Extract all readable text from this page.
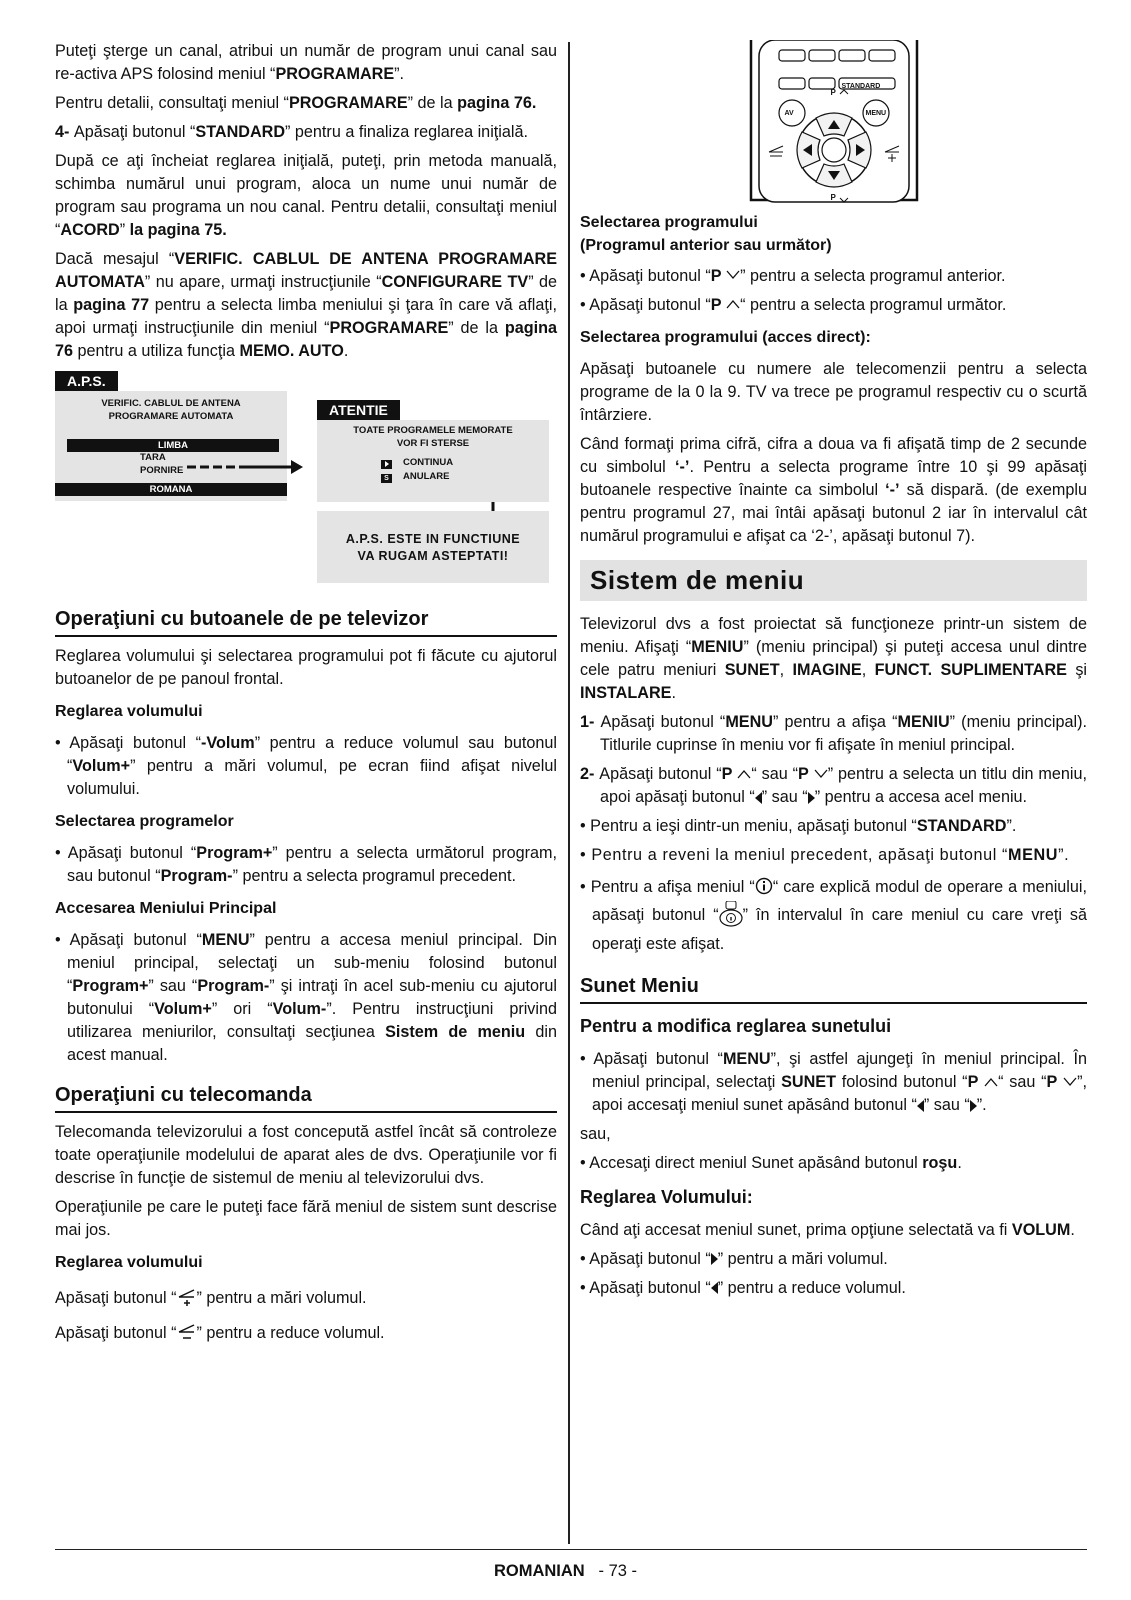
Puteţi şterge un canal, atribui un număr de program unui canal sau re-activa APS folosind meniul “PROGRAMARE”.

Pentru detalii, consultaţi meniul “PROGRAMARE” de la pagina 76.

4- Apăsaţi butonul “STANDARD” pentru a finaliza reglarea iniţială.

După ce aţi încheiat reglarea iniţială, puteţi, prin metoda manuală, schimba numărul unui program, aloca un nume unui număr de program sau programa un nou canal. Pentru detalii, consultaţi meniul “ACORD” la pagina 75.

Dacă mesajul “VERIFIC. CABLUL DE ANTENA PROGRAMARE AUTOMATA” nu apare, urmaţi instrucţiunile “CONFIGURARE TV” de la pagina 77 pentru a selecta limba meniului şi ţara în care vă aflaţi, apoi urmaţi instrucţiunile din meniul “PROGRAMARE” de la pagina 76 pentru a utiliza funcţia MEMO. AUTO.

A.P.S.
VERIFIC. CABLUL DE ANTENA
PROGRAMARE AUTOMATA
LIMBA
TARA
PORNIRE
ROMANA
ATENTIE
TOATE PROGRAMELE MEMORATE
VOR FI STERSE
CONTINUA
S	ANULARE
A.P.S. ESTE IN FUNCTIUNE
VA RUGAM ASTEPTATI!
Operaţiuni cu butoanele de pe televizor

Reglarea volumului şi selectarea programului pot fi făcute cu ajutorul butoanelor de pe panoul frontal.

Reglarea volumului

• Apăsaţi butonul “-Volum” pentru a reduce volumul sau butonul “Volum+” pentru a mări volumul, pe ecran fiind afişat nivelul volumului.

Selectarea programelor

• Apăsaţi butonul “Program+” pentru a selecta următorul program, sau butonul “Program-” pentru a selecta programul precedent.

Accesarea Meniului Principal

• Apăsaţi butonul “MENU” pentru a accesa meniul principal. Din meniul principal, selectaţi un sub-meniu folosind butonul “Program+” sau “Program-” şi intraţi în acel sub-meniu cu ajutorul butonului “Volum+” ori “Volum-”. Pentru instrucţiuni privind utilizarea meniurilor, consultaţi secţiunea Sistem de meniu din acest manual.

Operaţiuni cu telecomanda

Telecomanda televizorului a fost concepută astfel încât să controleze toate operaţiunile modelului de aparat ales de dvs. Operaţiunile vor fi descrise în funcţie de sistemul de meniu al televizorului dvs.

Operaţiunile pe care le puteţi face fără meniul de sistem sunt descrise mai jos.

Reglarea volumului

Apăsaţi butonul “ ” pentru a mări volumul.

Apăsaţi butonul “ ” pentru a reduce volumul.

STANDARD
AV	MENU
P
P
Selectarea programului
(Programul anterior sau următor)

• Apăsaţi butonul “P ” pentru a selecta programul anterior.

• Apăsaţi butonul “P “ pentru a selecta programul următor.

Selectarea programului (acces direct):

Apăsaţi butoanele cu numere ale telecomenzii pentru a selecta programe de la 0 la 9. TV va trece pe programul respectiv cu o scurtă întârziere.

Când formaţi prima cifră, cifra a doua va fi afişată timp de 2 secunde cu simbolul ‘-’. Pentru a selecta programe între 10 şi 99 apăsaţi butoanele respective înainte ca simbolul ‘-’ să dispară. (de exemplu pentru programul 27, mai întâi apăsaţi butonul 2 iar în intervalul cât numărul programului e afişat ca ‘2-’, apăsaţi butonul 7).

Sistem de meniu

Televizorul dvs a fost proiectat să funcţioneze printr-un sistem de meniu. Afişaţi “MENIU” (meniu principal) şi puteţi accesa unul dintre cele patru meniuri SUNET, IMAGINE, FUNCT. SUPLIMENTARE şi INSTALARE.

1- Apăsaţi butonul “MENU” pentru a afişa “MENIU” (meniu principal). Titlurile cuprinse în meniu vor fi afişate în meniul principal.

2- Apăsaţi butonul “P “ sau “P ” pentru a selecta un titlu din meniu, apoi apăsaţi butonul “ ” sau “ ” pentru a accesa acel meniu.

• Pentru a ieşi dintr-un meniu, apăsaţi butonul “STANDARD”.

• Pentru a reveni la meniul precedent, apăsaţi butonul “MENU”.

• Pentru a afişa meniul “ “ care explică modul de operare a meniului, apăsaţi butonul “ ” în intervalul în care meniul cu care vreţi să operaţi este afişat.

Sunet Meniu
Pentru a modifica reglarea sunetului

• Apăsaţi butonul “MENU”, şi astfel ajungeţi în meniul principal. În meniul principal, selectaţi SUNET folosind butonul “P “ sau “P ”, apoi accesaţi meniul sunet apăsând butonul “ ” sau “ ”.

sau,

• Accesaţi direct meniul Sunet apăsând butonul roşu.

Reglarea Volumului:

Când aţi accesat meniul sunet, prima opţiune selectată va fi VOLUM.

• Apăsaţi butonul “ ” pentru a mări volumul.

• Apăsaţi butonul “ ” pentru a reduce volumul.

ROMANIAN - 73 -
